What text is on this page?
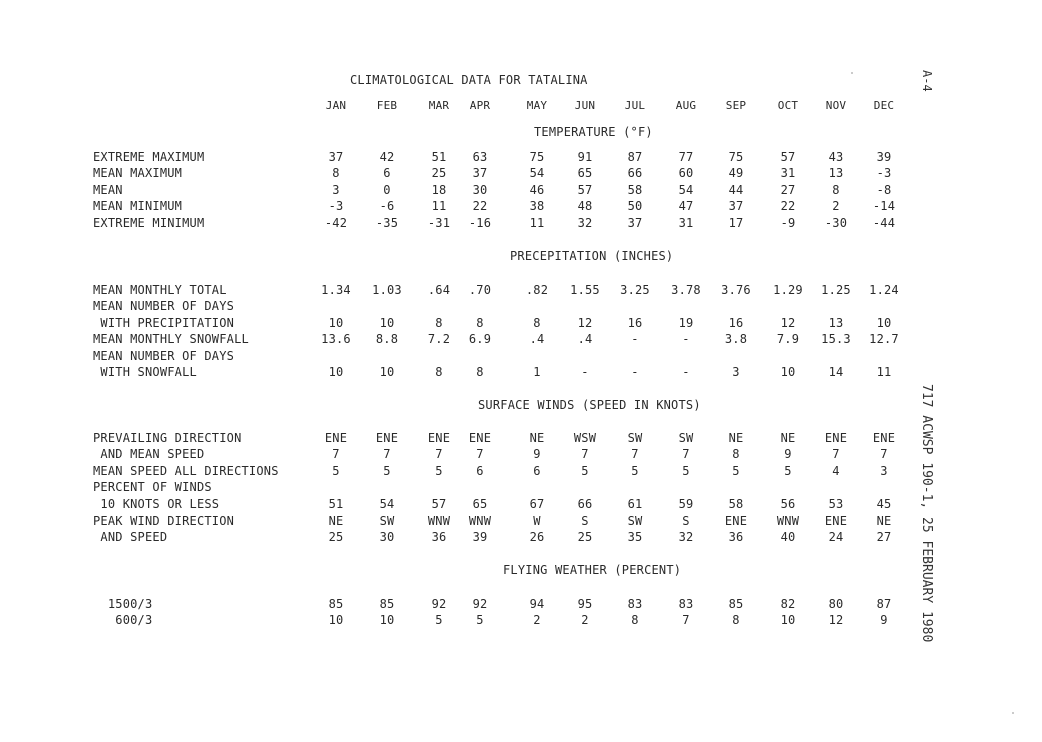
CLIMATOLOGICAL DATA FOR TATALINA	A-4
717 ACWSP 190-1, 25 FEBRUARY 1980
JAN	FEB	MAR	APR	MAY	JUN	JUL	AUG	SEP	OCT	NOV	DEC
TEMPERATURE (°F)
PRECEPITATION (INCHES)
SURFACE WINDS (SPEED IN KNOTS)
FLYING WEATHER (PERCENT)
EXTREME MAXIMUM	37	42	51	63	75	91	87	77	75	57	43	39
MEAN MAXIMUM	8	6	25	37	54	65	66	60	49	31	13	-3
MEAN	3	0	18	30	46	57	58	54	44	27	8	-8
MEAN MINIMUM	-3	-6	11	22	38	48	50	47	37	22	2	-14
EXTREME MINIMUM	-42	-35	-31	-16	11	32	37	31	17	-9	-30	-44
MEAN MONTHLY TOTAL	1.34	1.03	.64	.70	.82	1.55	3.25	3.78	3.76	1.29	1.25	1.24
MEAN NUMBER OF DAYS
WITH PRECIPITATION	10	10	8	8	8	12	16	19	16	12	13	10
MEAN MONTHLY SNOWFALL	13.6	8.8	7.2	6.9	.4	.4	-	-	3.8	7.9	15.3	12.7
MEAN NUMBER OF DAYS
WITH SNOWFALL	10	10	8	8	1	-	-	-	3	10	14	11
PREVAILING DIRECTION	ENE	ENE	ENE	ENE	NE	WSW	SW	SW	NE	NE	ENE	ENE
AND MEAN SPEED	7	7	7	7	9	7	7	7	8	9	7	7
MEAN SPEED ALL DIRECTIONS	5	5	5	6	6	5	5	5	5	5	4	3
PERCENT OF WINDS
10 KNOTS OR LESS	51	54	57	65	67	66	61	59	58	56	53	45
PEAK WIND DIRECTION	NE	SW	WNW	WNW	W	S	SW	S	ENE	WNW	ENE	NE
AND SPEED	25	30	36	39	26	25	35	32	36	40	24	27
1500/3	85	85	92	92	94	95	83	83	85	82	80	87
600/3	10	10	5	5	2	2	8	7	8	10	12	9
